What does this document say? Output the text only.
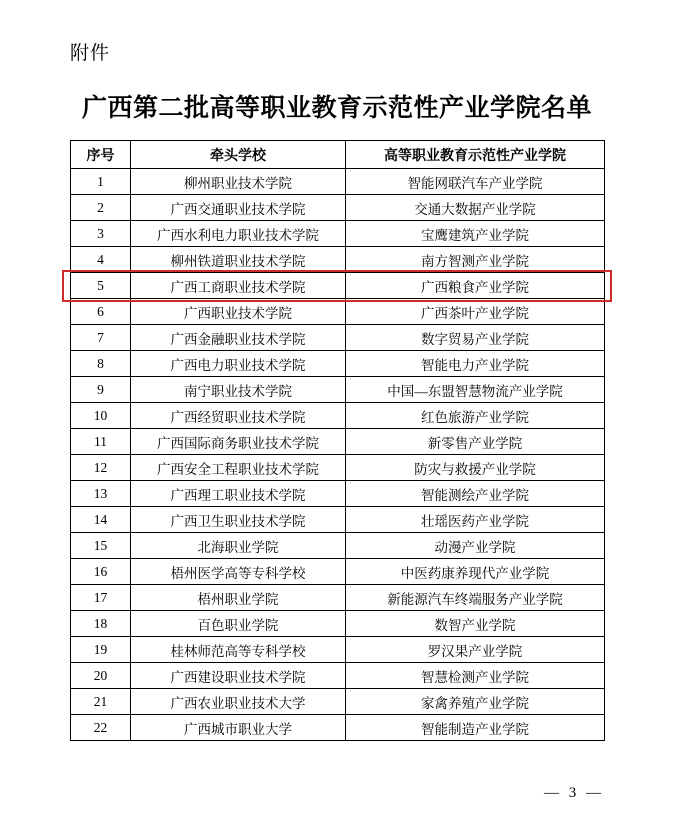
附件
广西第二批高等职业教育示范性产业学院名单
序号	牵头学校	高等职业教育示范性产业学院
1	柳州职业技术学院	智能网联汽车产业学院
2	广西交通职业技术学院	交通大数据产业学院
3	广西水利电力职业技术学院	宝鹰建筑产业学院
4	柳州铁道职业技术学院	南方智测产业学院
5	广西工商职业技术学院	广西粮食产业学院
6	广西职业技术学院	广西茶叶产业学院
7	广西金融职业技术学院	数字贸易产业学院
8	广西电力职业技术学院	智能电力产业学院
9	南宁职业技术学院	中国—东盟智慧物流产业学院
10	广西经贸职业技术学院	红色旅游产业学院
11	广西国际商务职业技术学院	新零售产业学院
12	广西安全工程职业技术学院	防灾与救援产业学院
13	广西理工职业技术学院	智能测绘产业学院
14	广西卫生职业技术学院	壮瑶医药产业学院
15	北海职业学院	动漫产业学院
16	梧州医学高等专科学校	中医药康养现代产业学院
17	梧州职业学院	新能源汽车终端服务产业学院
18	百色职业学院	数智产业学院
19	桂林师范高等专科学校	罗汉果产业学院
20	广西建设职业技术学院	智慧检测产业学院
21	广西农业职业技术大学	家禽养殖产业学院
22	广西城市职业大学	智能制造产业学院
— 3 —
